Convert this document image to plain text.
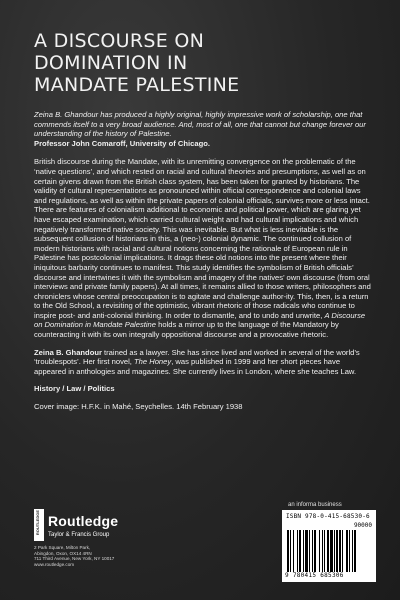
A DISCOURSE ON
DOMINATION IN
MANDATE PALESTINE

Zeina B. Ghandour has produced a highly original, highly impressive work of scholarship, one that commends itself to a very broad audience. And, most of all, one that cannot but change forever our understanding of the history of Palestine.
Professor John Comaroff, University of Chicago.

British discourse during the Mandate, with its unremitting convergence on the problematic of the ‘native questions’, and which rested on racial and cultural theories and presumptions, as well as on certain givens drawn from the British class system, has been taken for granted by historians. The validity of cultural representations as pronounced within official correspondence and colonial laws and regulations, as well as within the private papers of colonial officials, survives more or less intact. There are features of colonialism additional to economic and political power, which are glaring yet have escaped examination, which carried cultural weight and had cultural implications and which negatively transformed native society. This was inevitable. But what is less inevitable is the subsequent collusion of historians in this, a (neo-) colonial dynamic. The continued collusion of modern historians with racial and cultural notions concerning the rationale of European rule in Palestine has postcolonial implications. It drags these old notions into the present where their iniquitous barbarity continues to manifest. This study identifies the symbolism of British officials’ discourse and intertwines it with the symbolism and imagery of the natives’ own discourse (from oral interviews and private family papers). At all times, it remains allied to those writers, philosophers and chroniclers whose central preoccupation is to agitate and challenge author-ity. This, then, is a return to the Old School, a revisiting of the optimistic, vibrant rhetoric of those radicals who continue to inspire post- and anti-colonial thinking. In order to dismantle, and to undo and unwrite, A Discourse on Domination in Mandate Palestine holds a mirror up to the language of the Mandatory by counteracting it with its own integrally oppositional discourse and a provocative rhetoric.

Zeina B. Ghandour trained as a lawyer. She has since lived and worked in several of the world’s ‘troublespots’. Her first novel, The Honey, was published in 1999 and her short pieces have appeared in anthologies and magazines. She currently lives in London, where she teaches Law.

History / Law / Politics

Cover image: H.F.K. in Mahé, Seychelles. 14th February 1938

an informa business
ROUTLEDGE Routledge
Taylor & Francis Group
2 Park Square, Milton Park,
Abingdon, Oxon, OX14 4RN
711 Third Avenue, New York, NY 10017
www.routledge.com
ISBN 978-0-415-68530-6
90000
9 780415 685306
